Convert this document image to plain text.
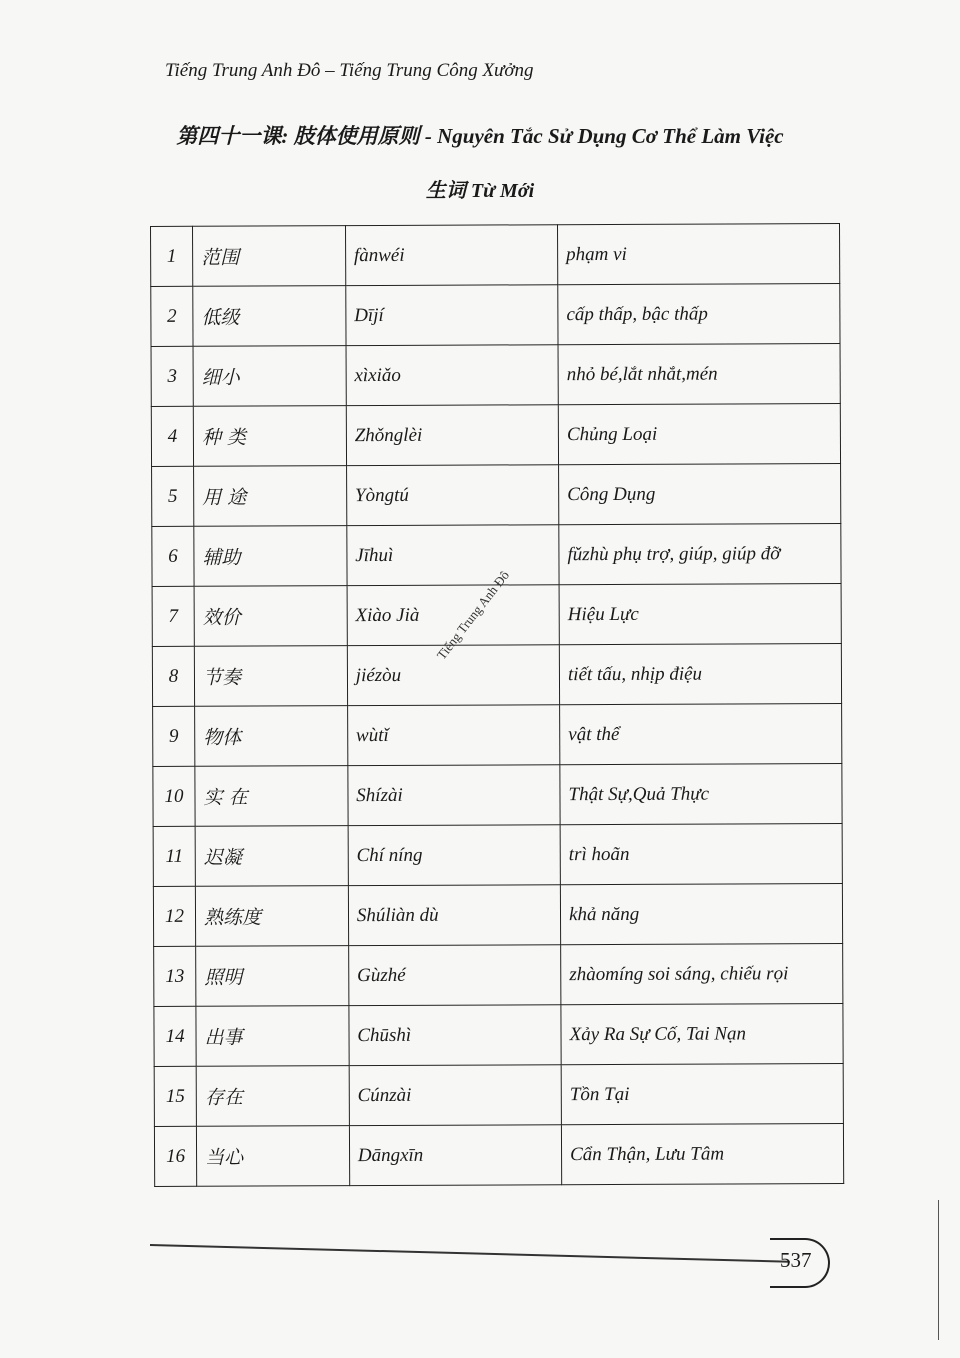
Tiếng Trung Anh Đô – Tiếng Trung Công Xưởng
第四十一课: 肢体使用原则 - Nguyên Tắc Sử Dụng Cơ Thể Làm Việc
生词 Từ Mới
1	范围	fànwéi	phạm vi
2	低级	Dījí	cấp thấp, bậc thấp
3	细小	xìxiǎo	nhỏ bé,lắt nhắt,mén
4	种 类	Zhǒnglèi	Chủng Loại
5	用 途	Yòngtú	Công Dụng
6	辅助	Jīhuì	fǔzhù phụ trợ, giúp, giúp đỡ
7	效价	Xiào Jià	Hiệu Lực
8	节奏	jiézòu	tiết tấu, nhịp điệu
9	物体	wùtǐ	vật thể
10	实 在	Shízài	Thật Sự,Quả Thực
11	迟凝	Chí níng	trì hoãn
12	熟练度	Shúliàn dù	khả năng
13	照明	Gùzhé	zhàomíng soi sáng, chiếu rọi
14	出事	Chūshì	Xảy Ra Sự Cố, Tai Nạn
15	存在	Cúnzài	Tồn Tại
16	当心	Dāngxīn	Cẩn Thận, Lưu Tâm
Tiếng Trung Anh Đô
537
